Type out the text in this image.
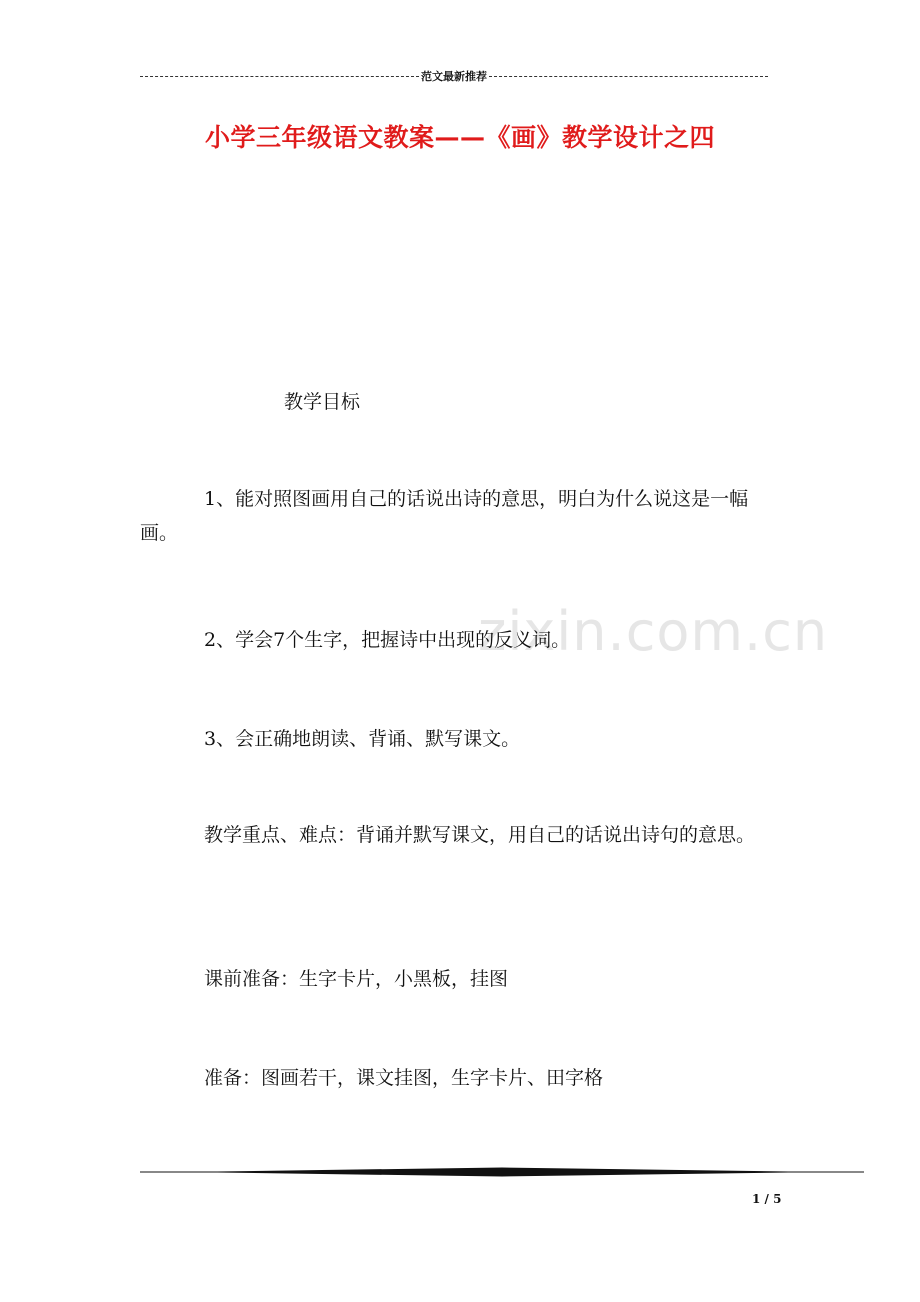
范文最新推荐
小学三年级语文教案——《画》教学设计之四
zixin.com.cn

教学目标

1、能对照图画用自己的话说出诗的意思，明白为什么说这是一幅画。

2、学会7个生字，把握诗中出现的反义词。

3、会正确地朗读、背诵、默写课文。

教学重点、难点：背诵并默写课文，用自己的话说出诗句的意思。

课前准备：生字卡片，小黑板，挂图

准备：图画若干，课文挂图，生字卡片、田字格

1 / 5
